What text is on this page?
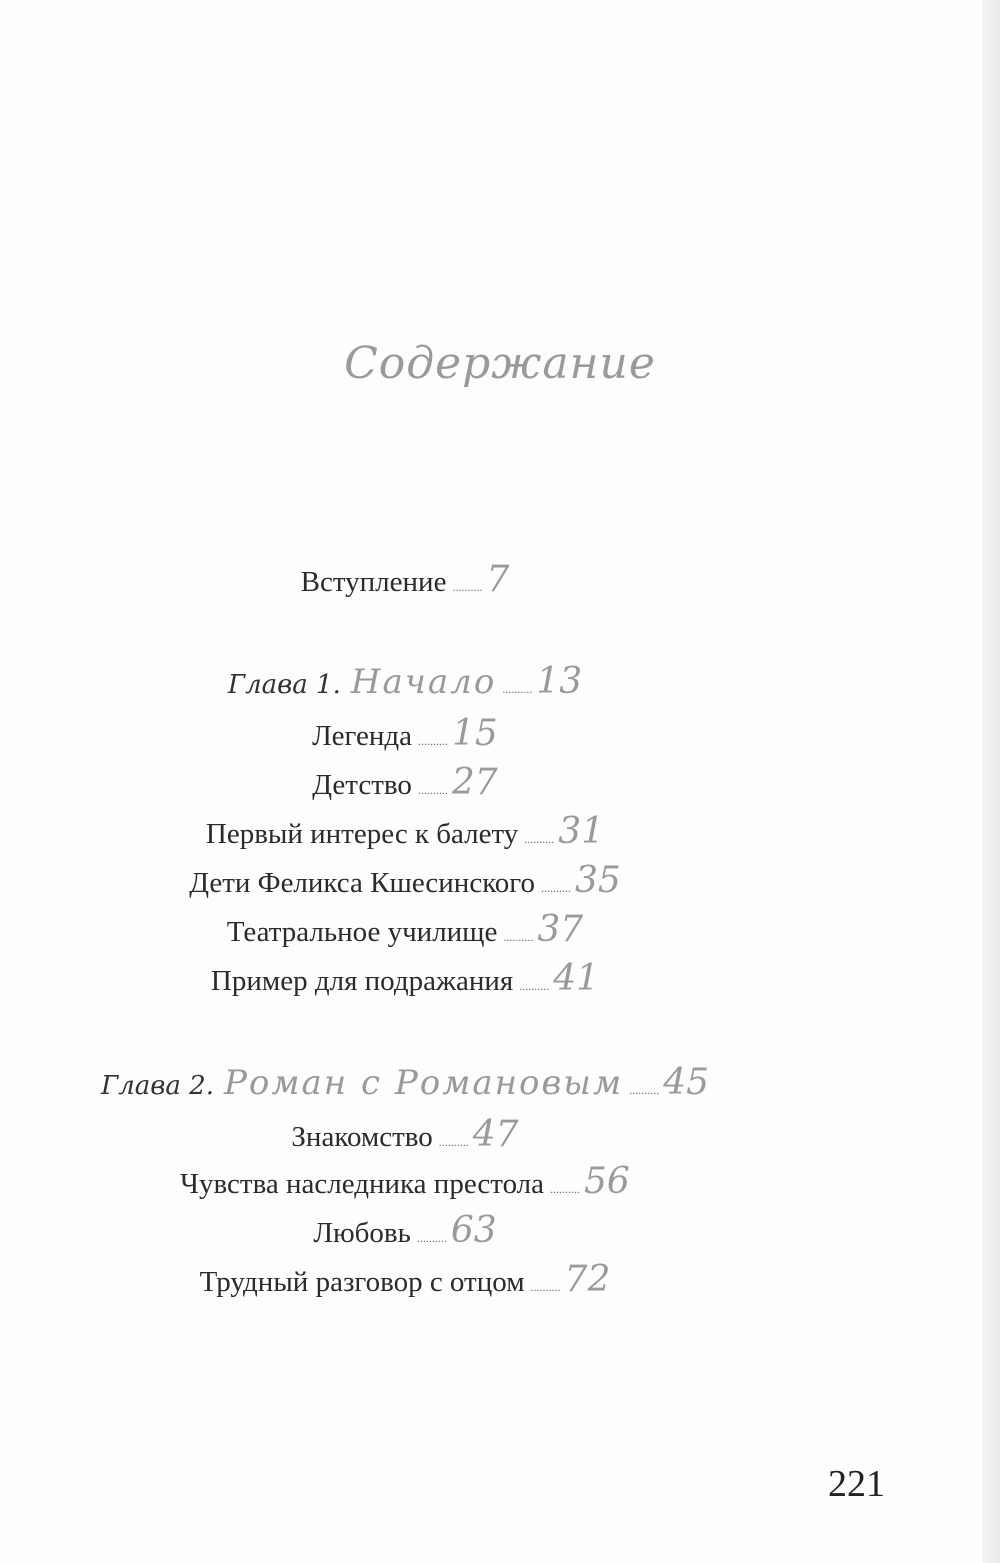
Содержание
Вступление .......... 7
Глава 1. Начало .......... 13
Легенда .......... 15
Детство .......... 27
Первый интерес к балету .......... 31
Дети Феликса Кшесинского .......... 35
Театральное училище .......... 37
Пример для подражания .......... 41
Глава 2. Роман с Романовым .......... 45
Знакомство .......... 47
Чувства наследника престола .......... 56
Любовь .......... 63
Трудный разговор с отцом .......... 72
221
